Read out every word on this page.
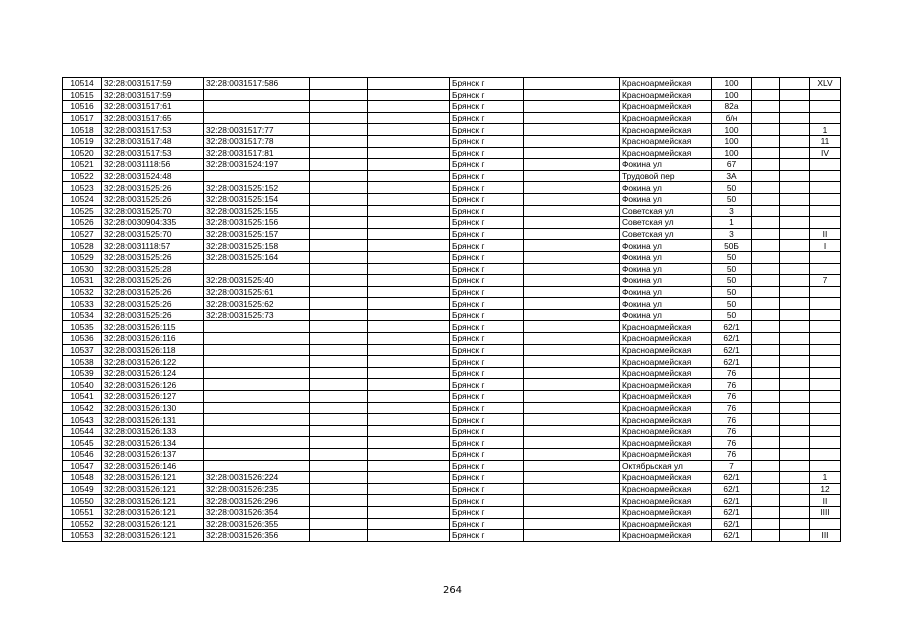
10514	32:28:0031517:59	32:28:0031517:586			Брянск г		Красноармейская	100			XLV
10515	32:28:0031517:59				Брянск г		Красноармейская	100			
10516	32:28:0031517:61				Брянск г		Красноармейская	82а			
10517	32:28:0031517:65				Брянск г		Красноармейская	б/н			
10518	32:28:0031517:53	32:28:0031517:77			Брянск г		Красноармейская	100			1
10519	32:28:0031517:48	32:28:0031517:78			Брянск г		Красноармейская	100			11
10520	32:28:0031517:53	32:28:0031517:81			Брянск г		Красноармейская	100			IV
10521	32:28:0031118:56	32:28:0031524:197			Брянск г		Фокина ул	67			
10522	32:28:0031524:48				Брянск г		Трудовой пер	3А			
10523	32:28:0031525:26	32:28:0031525:152			Брянск г		Фокина ул	50			
10524	32:28:0031525:26	32:28:0031525:154			Брянск г		Фокина ул	50			
10525	32:28:0031525:70	32:28:0031525:155			Брянск г		Советская ул	3			
10526	32:28:0030904:335	32:28:0031525:156			Брянск г		Советская ул	1			
10527	32:28:0031525:70	32:28:0031525:157			Брянск г		Советская ул	3			II
10528	32:28:0031118:57	32:28:0031525:158			Брянск г		Фокина ул	50Б			I
10529	32:28:0031525:26	32:28:0031525:164			Брянск г		Фокина ул	50			
10530	32:28:0031525:28				Брянск г		Фокина ул	50			
10531	32:28:0031525:26	32:28:0031525:40			Брянск г		Фокина ул	50			7
10532	32:28:0031525:26	32:28:0031525:61			Брянск г		Фокина ул	50			
10533	32:28:0031525:26	32:28:0031525:62			Брянск г		Фокина ул	50			
10534	32:28:0031525:26	32:28:0031525:73			Брянск г		Фокина ул	50			
10535	32:28:0031526:115				Брянск г		Красноармейская	62/1			
10536	32:28:0031526:116				Брянск г		Красноармейская	62/1			
10537	32:28:0031526:118				Брянск г		Красноармейская	62/1			
10538	32:28:0031526:122				Брянск г		Красноармейская	62/1			
10539	32:28:0031526:124				Брянск г		Красноармейская	76			
10540	32:28:0031526:126				Брянск г		Красноармейская	76			
10541	32:28:0031526:127				Брянск г		Красноармейская	76			
10542	32:28:0031526:130				Брянск г		Красноармейская	76			
10543	32:28:0031526:131				Брянск г		Красноармейская	76			
10544	32:28:0031526:133				Брянск г		Красноармейская	76			
10545	32:28:0031526:134				Брянск г		Красноармейская	76			
10546	32:28:0031526:137				Брянск г		Красноармейская	76			
10547	32:28:0031526:146				Брянск г		Октябрьская ул	7			
10548	32:28:0031526:121	32:28:0031526:224			Брянск г		Красноармейская	62/1			1
10549	32:28:0031526:121	32:28:0031526:235			Брянск г		Красноармейская	62/1			12
10550	32:28:0031526:121	32:28:0031526:296			Брянск г		Красноармейская	62/1			II
10551	32:28:0031526:121	32:28:0031526:354			Брянск г		Красноармейская	62/1			IIII
10552	32:28:0031526:121	32:28:0031526:355			Брянск г		Красноармейская	62/1			
10553	32:28:0031526:121	32:28:0031526:356			Брянск г		Красноармейская	62/1			III
264
